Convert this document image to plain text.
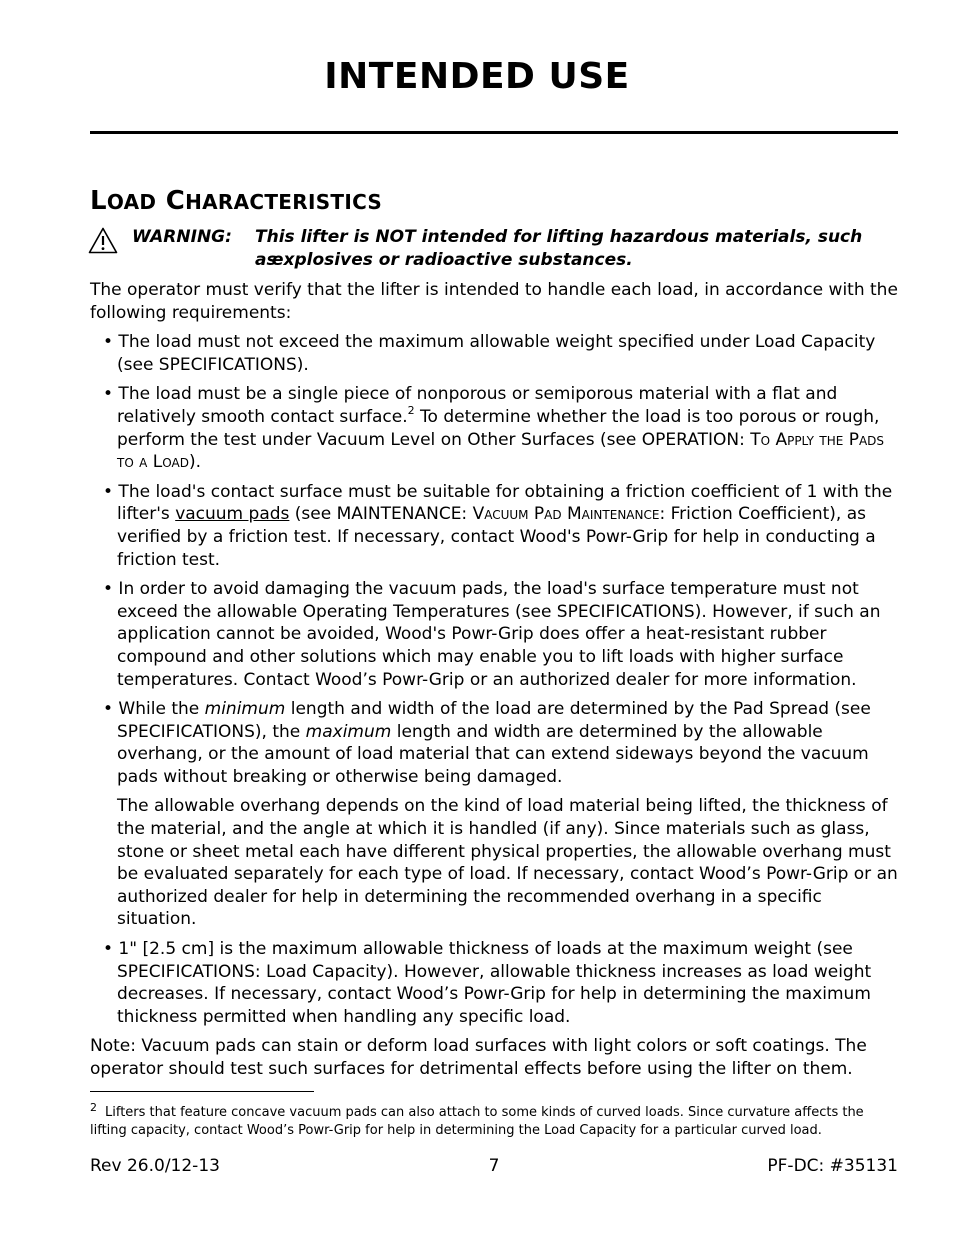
INTENDED USE
LOAD CHARACTERISTICS
WARNING: This lifter is NOT intended for lifting hazardous materials, such as
explosives or radioactive substances.

The operator must verify that the lifter is intended to handle each load, in accordance with the following requirements:

• The load must not exceed the maximum allowable weight specified under Load Capacity (see SPECIFICATIONS).

• The load must be a single piece of nonporous or semiporous material with a flat and relatively smooth contact surface.$^2$ To determine whether the load is too porous or rough, perform the test under Vacuum Level on Other Surfaces (see OPERATION: To Apply the Pads to a Load).

• The load's contact surface must be suitable for obtaining a friction coefficient of 1 with the lifter's vacuum pads (see MAINTENANCE: Vacuum Pad Maintenance: Friction Coefficient), as verified by a friction test. If necessary, contact Wood's Powr-Grip for help in conducting a friction test.

• In order to avoid damaging the vacuum pads, the load's surface temperature must not exceed the allowable Operating Temperatures (see SPECIFICATIONS). However, if such an application cannot be avoided, Wood's Powr-Grip does offer a heat-resistant rubber compound and other solutions which may enable you to lift loads with higher surface temperatures. Contact Wood’s Powr-Grip or an authorized dealer for more information.

• While the minimum length and width of the load are determined by the Pad Spread (see SPECIFICATIONS), the maximum length and width are determined by the allowable overhang, or the amount of load material that can extend sideways beyond the vacuum pads without breaking or otherwise being damaged.

The allowable overhang depends on the kind of load material being lifted, the thickness of the material, and the angle at which it is handled (if any). Since materials such as glass, stone or sheet metal each have different physical properties, the allowable overhang must be evaluated separately for each type of load. If necessary, contact Wood’s Powr-Grip or an authorized dealer for help in determining the recommended overhang in a specific situation.

• 1" [2.5 cm] is the maximum allowable thickness of loads at the maximum weight (see SPECIFICATIONS: Load Capacity). However, allowable thickness increases as load weight decreases. If necessary, contact Wood’s Powr-Grip for help in determining the maximum thickness permitted when handling any specific load.

Note: Vacuum pads can stain or deform load surfaces with light colors or soft coatings. The operator should test such surfaces for detrimental effects before using the lifter on them.

$^2$ Lifters that feature concave vacuum pads can also attach to some kinds of curved loads. Since curvature affects the lifting capacity, contact Wood’s Powr-Grip for help in determining the Load Capacity for a particular curved load.
Rev 26.0/12-13	7	PF-DC: #35131
